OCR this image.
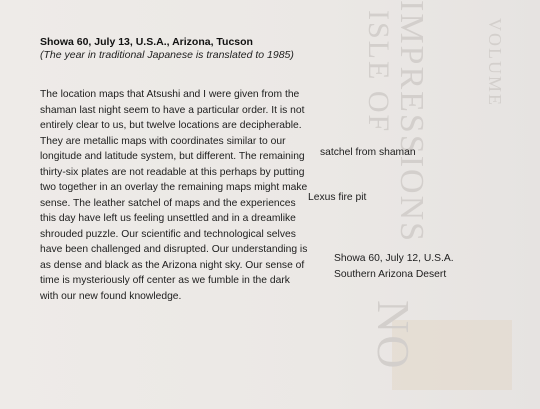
ISLE OF
IMPRESSIONS	VOLUME
NO
Showa 60, July 13, U.S.A., Arizona, Tucson
(The year in traditional Japanese is translated to 1985)
The location maps that Atsushi and I were given from the shaman last night seem to have a particular order. It is not entirely clear to us, but twelve locations are decipherable. They are metallic maps with coordinates similar to our longitude and latitude system, but different. The remaining thirty-six plates are not readable at this perhaps by putting two together in an overlay the remaining maps might make sense. The leather satchel of maps and the experiences this day have left us feeling unsettled and in a dreamlike shrouded puzzle. Our scientific and technological selves have been challenged and disrupted. Our understanding is as dense and black as the Arizona night sky. Our sense of time is mysteriously off center as we fumble in the dark with our new found knowledge.
satchel from shaman
Lexus fire pit
Showa 60, July 12, U.S.A.
Southern Arizona Desert
